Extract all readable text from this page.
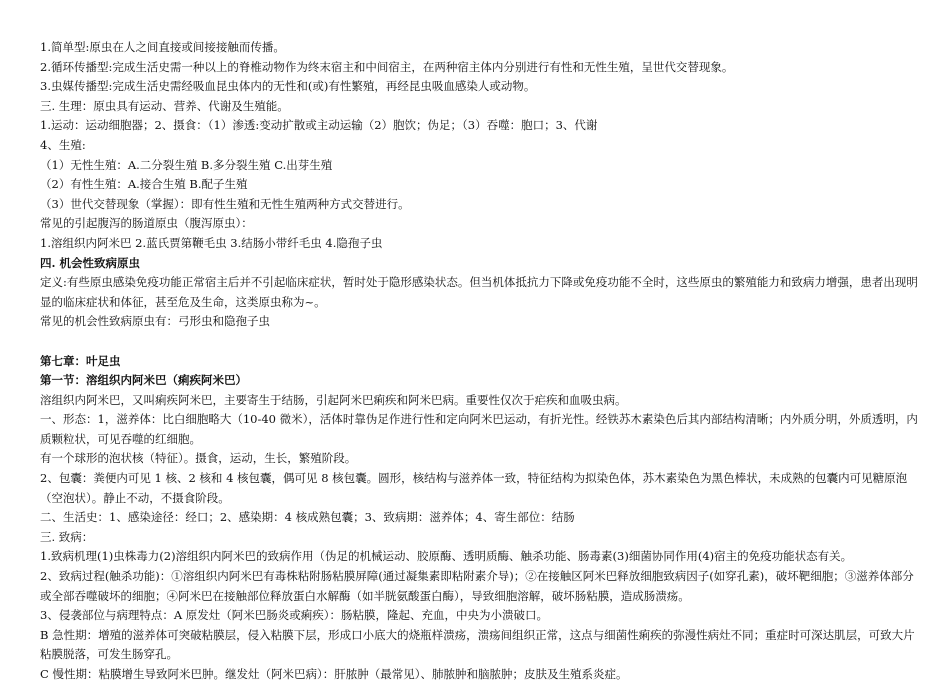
1.简单型:原虫在人之间直接或间接接触而传播。

2.循环传播型:完成生活史需一种以上的脊椎动物作为终末宿主和中间宿主，在两种宿主体内分别进行有性和无性生殖，呈世代交替现象。

3.虫媒传播型:完成生活史需经吸血昆虫体内的无性和(或)有性繁殖，再经昆虫吸血感染人或动物。

三. 生理：原虫具有运动、营养、代谢及生殖能。

1.运动：运动细胞器；2、摄食：（1）渗透:变动扩散或主动运输（2）胞饮；伪足；（3）吞噬：胞口；3、代谢

4、生殖:

（1）无性生殖：A.二分裂生殖 B.多分裂生殖 C.出芽生殖

（2）有性生殖：A.接合生殖 B.配子生殖

（3）世代交替现象（掌握）：即有性生殖和无性生殖两种方式交替进行。

常见的引起腹泻的肠道原虫（腹泻原虫）：

1.溶组织内阿米巴 2.蓝氏贾第鞭毛虫 3.结肠小带纤毛虫 4.隐孢子虫

四. 机会性致病原虫

定义:有些原虫感染免疫功能正常宿主后并不引起临床症状，暂时处于隐形感染状态。但当机体抵抗力下降或免疫功能不全时，这些原虫的繁殖能力和致病力增强，患者出现明显的临床症状和体征，甚至危及生命，这类原虫称为~。

常见的机会性致病原虫有：弓形虫和隐孢子虫

第七章：叶足虫

第一节：溶组织内阿米巴（痢疾阿米巴）

溶组织内阿米巴，又叫痢疾阿米巴，主要寄生于结肠，引起阿米巴痢疾和阿米巴病。重要性仅次于疟疾和血吸虫病。

一、形态：1，滋养体：比白细胞略大（10-40 微米），活体时靠伪足作进行性和定向阿米巴运动，有折光性。经铁苏木素染色后其内部结构清晰；内外质分明，外质透明，内质颗粒状，可见吞噬的红细胞。

有一个球形的泡状核（特征）。摄食，运动，生长，繁殖阶段。

2、包囊：粪便内可见 1 核、2 核和 4 核包囊，偶可见 8 核包囊。圆形，核结构与滋养体一致，特征结构为拟染色体，苏木素染色为黑色棒状，未成熟的包囊内可见糖原泡（空泡状）。静止不动，不摄食阶段。

二、生活史：1、感染途径：经口；2、感染期：4 核成熟包囊；3、致病期：滋养体；4、寄生部位：结肠

三. 致病：

1.致病机理(1)虫株毒力(2)溶组织内阿米巴的致病作用（伪足的机械运动、胶原酶、透明质酶、触杀功能、肠毒素(3)细菌协同作用(4)宿主的免疫功能状态有关。

2、致病过程(触杀功能)：①溶组织内阿米巴有毒株粘附肠粘膜屏障(通过凝集素即粘附素介导)；②在接触区阿米巴释放细胞致病因子(如穿孔素)，破坏靶细胞；③滋养体部分或全部吞噬破坏的细胞；④阿米巴在接触部位释放蛋白水解酶（如半胱氨酸蛋白酶），导致细胞溶解，破坏肠粘膜，造成肠溃疡。

3、侵袭部位与病理特点：A 原发灶（阿米巴肠炎或痢疾）：肠粘膜，隆起、充血，中央为小溃破口。

B 急性期：增殖的滋养体可突破粘膜层，侵入粘膜下层，形成口小底大的烧瓶样溃疡，溃疡间组织正常，这点与细菌性痢疾的弥漫性病灶不同；重症时可深达肌层，可致大片粘膜脱落，可发生肠穿孔。

C 慢性期：粘膜增生导致阿米巴肿。继发灶（阿米巴病）：肝脓肿（最常见）、肺脓肿和脑脓肿；皮肤及生殖系炎症。
